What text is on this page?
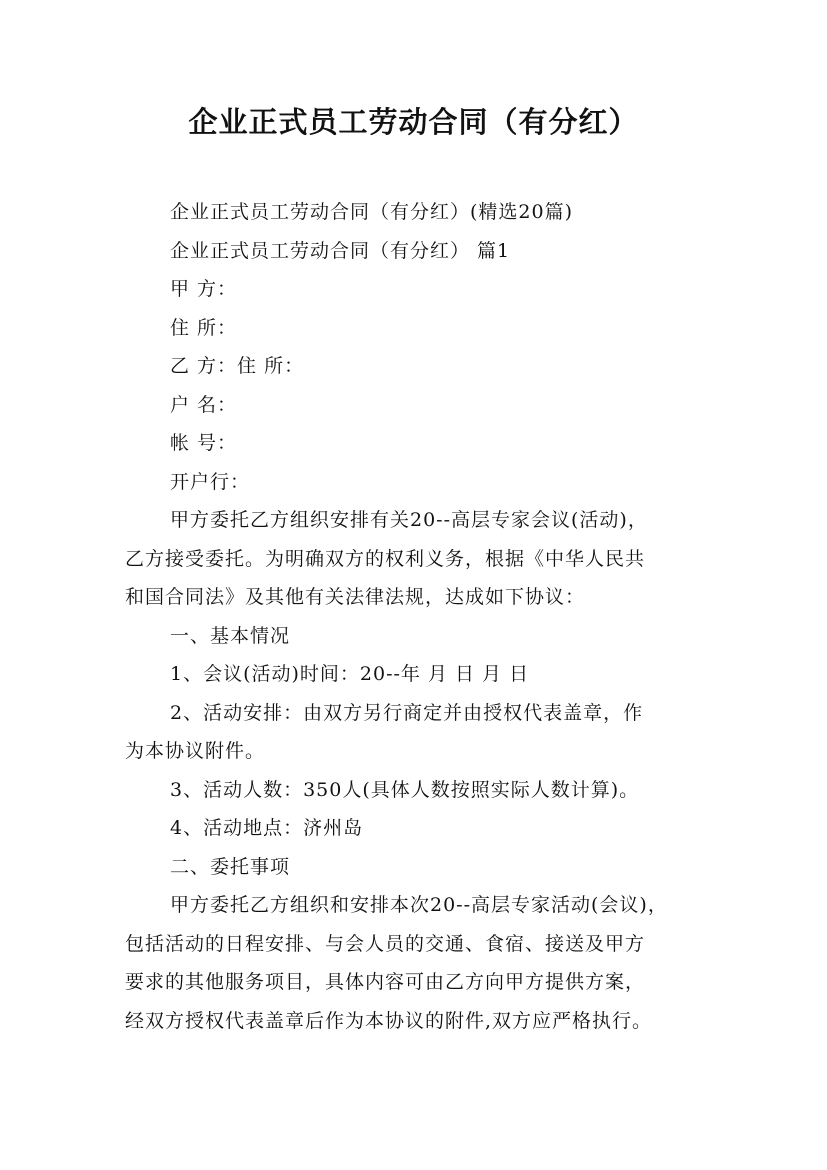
企业正式员工劳动合同（有分红）
企业正式员工劳动合同（有分红）(精选20篇)
企业正式员工劳动合同（有分红） 篇1
甲 方：
住 所：
乙 方：住 所：
户 名：
帐 号：
开户行：
甲方委托乙方组织安排有关20--高层专家会议(活动)，
乙方接受委托。为明确双方的权利义务，根据《中华人民共
和国合同法》及其他有关法律法规，达成如下协议：
一、基本情况
1、会议(活动)时间：20--年 月 日 月 日
2、活动安排：由双方另行商定并由授权代表盖章，作
为本协议附件。
3、活动人数：350人(具体人数按照实际人数计算)。
4、活动地点：济州岛
二、委托事项
甲方委托乙方组织和安排本次20--高层专家活动(会议)，
包括活动的日程安排、与会人员的交通、食宿、接送及甲方
要求的其他服务项目，具体内容可由乙方向甲方提供方案，
经双方授权代表盖章后作为本协议的附件,双方应严格执行。
